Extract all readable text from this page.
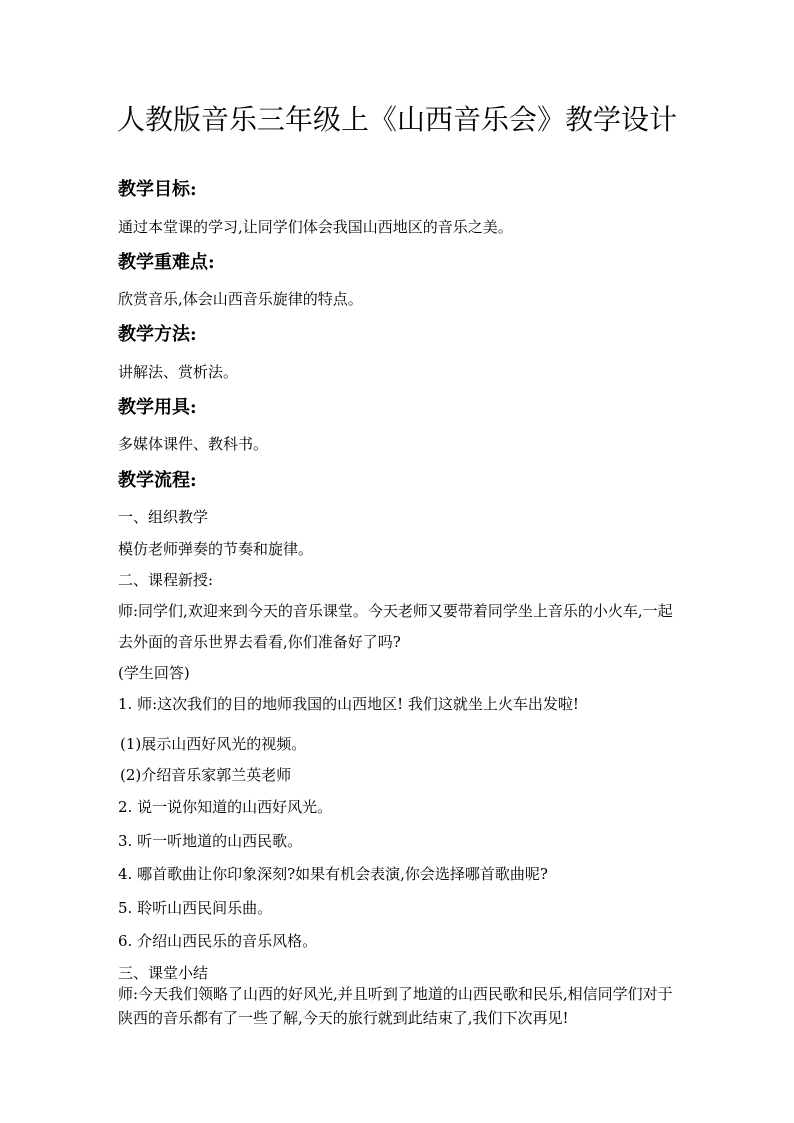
人教版音乐三年级上《山西音乐会》教学设计
教学目标:
通过本堂课的学习,让同学们体会我国山西地区的音乐之美。
教学重难点:
欣赏音乐,体会山西音乐旋律的特点。
教学方法:
讲解法、赏析法。
教学用具:
多媒体课件、教科书。
教学流程:
一、组织教学
模仿老师弹奏的节奏和旋律。
二、课程新授:
师:同学们,欢迎来到今天的音乐课堂。今天老师又要带着同学坐上音乐的小火车,一起去外面的音乐世界去看看,你们准备好了吗?
(学生回答)
1. 师:这次我们的目的地师我国的山西地区! 我们这就坐上火车出发啦!
(1)展示山西好风光的视频。
(2)介绍音乐家郭兰英老师
2. 说一说你知道的山西好风光。
3. 听一听地道的山西民歌。
4. 哪首歌曲让你印象深刻?如果有机会表演,你会选择哪首歌曲呢?
5. 聆听山西民间乐曲。
6. 介绍山西民乐的音乐风格。
三、课堂小结
师:今天我们领略了山西的好风光,并且听到了地道的山西民歌和民乐,相信同学们对于陕西的音乐都有了一些了解,今天的旅行就到此结束了,我们下次再见!
